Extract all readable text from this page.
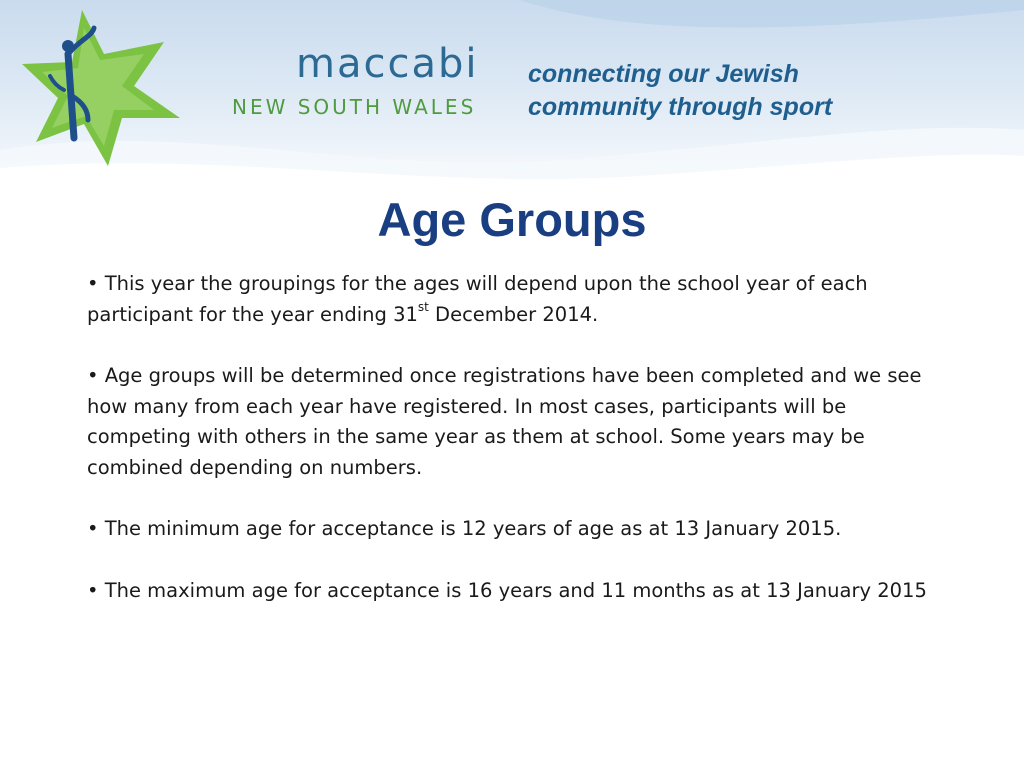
maccabi
NEW SOUTH WALES
connecting our Jewish
community through sport
Age Groups

• This year the groupings for the ages will depend upon the school year of each participant for the year ending 31st December 2014.

• Age groups will be determined once registrations have been completed and we see how many from each year have registered. In most cases, participants will be competing with others in the same year as them at school. Some years may be combined depending on numbers.

• The minimum age for acceptance is 12 years of age as at 13 January 2015.

• The maximum age for acceptance is 16 years and 11 months as at 13 January 2015
